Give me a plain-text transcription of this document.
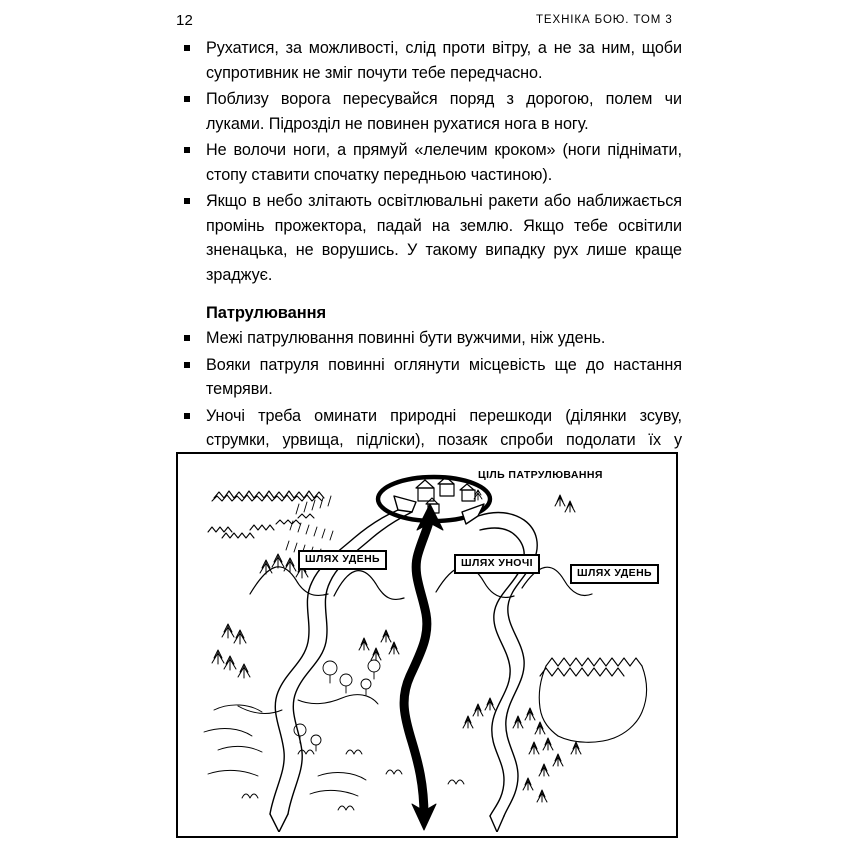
12	ТЕХНІКА БОЮ. ТОМ 3
Рухатися, за можливості, слід проти вітру, а не за ним, щоби супротивник не зміг почути тебе передчасно.
Поблизу ворога пересувайся поряд з дорогою, полем чи луками. Підрозділ не повинен рухатися нога в ногу.
Не волочи ноги, а прямуй «лелечим кроком» (ноги піднімати, стопу ставити спочатку передньою частиною).
Якщо в небо злітають освітлювальні ракети або наближається промінь прожектора, падай на землю. Якщо тебе освітили зненацька, не ворушись. У такому випадку рух лише краще зраджує.
Патрулювання
Межі патрулювання повинні бути вужчими, ніж удень.
Вояки патруля повинні оглянути місцевість ще до настання темряви.
Уночі треба оминати природні перешкоди (ділянки зсуву, струмки, урвища, підліски), позаяк спроби подолати їх у
ЦІЛЬ ПАТРУЛЮВАННЯ
ШЛЯХ УДЕНЬ	ШЛЯХ УНОЧІ
ШЛЯХ УДЕНЬ
